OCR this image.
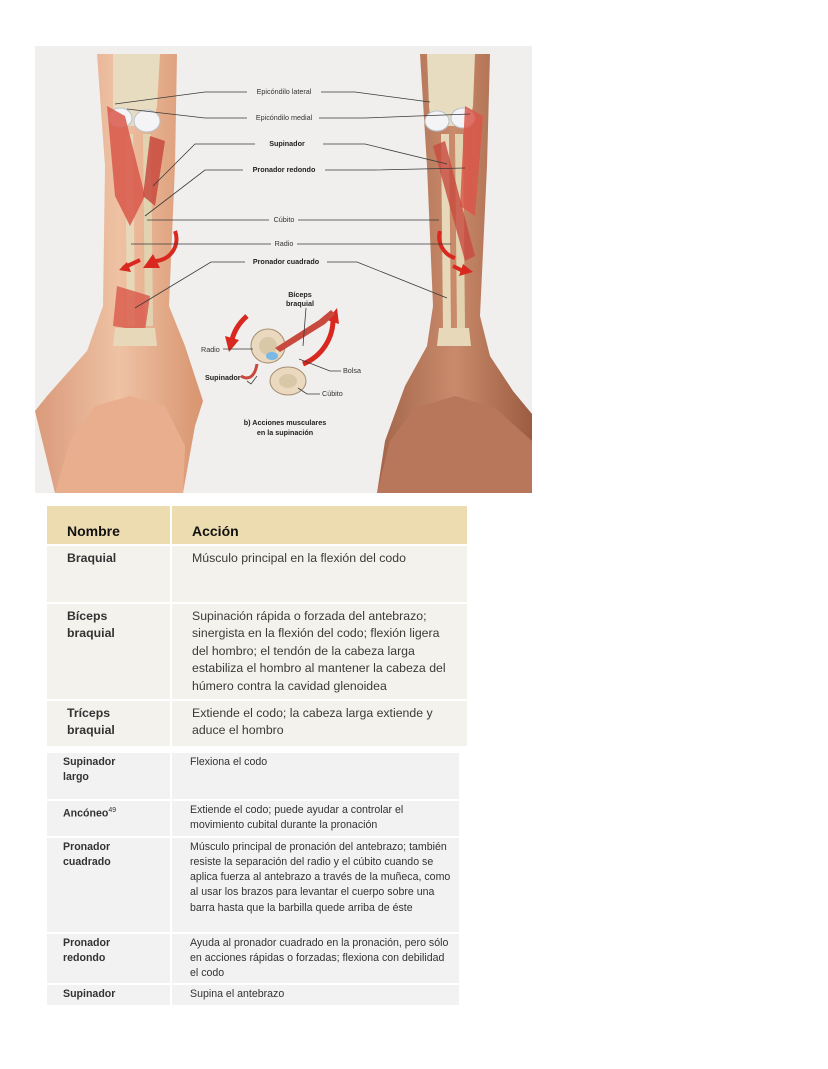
Epicóndilo lateral
Epicóndilo medial
Supinador
Pronador redondo
Cúbito
Radio
Pronador cuadrado
Bíceps
braquial
Radio
Supinador
Bolsa
Cúbito
b) Acciones musculares
en la supinación
Nombre	Acción

Braquial	Músculo principal en la flexión del codo

Bíceps braquial	Supinación rápida o forzada del antebrazo; sinergista en la flexión del codo; flexión ligera del hombro; el tendón de la cabeza larga estabiliza el hombro al mantener la cabeza del húmero contra la cavidad glenoidea

Tríceps braquial	Extiende el codo; la cabeza larga extiende y aduce el hombro
Supinador largo	Flexiona el codo

Ancóneo$^{49}$	Extiende el codo; puede ayudar a controlar el movimiento cubital durante la pronación

Pronador cuadrado	Músculo principal de pronación del antebrazo; también resiste la separación del radio y el cúbito cuando se aplica fuerza al antebrazo a través de la muñeca, como al usar los brazos para levantar el cuerpo sobre una barra hasta que la barbilla quede arriba de éste

Pronador redondo	Ayuda al pronador cuadrado en la pronación, pero sólo en acciones rápidas o forzadas; flexiona con debilidad el codo

Supinador	Supina el antebrazo
